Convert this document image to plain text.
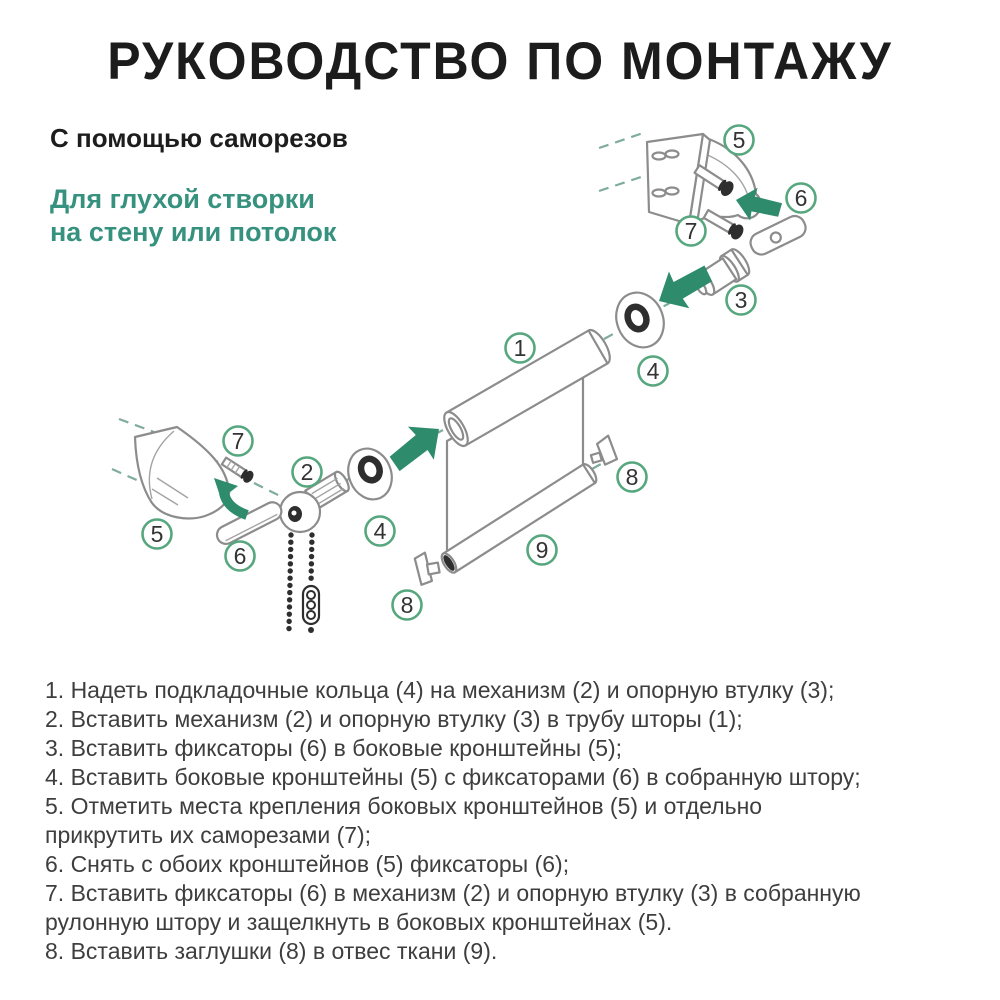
РУКОВОДСТВО ПО МОНТАЖУ
С помощью саморезов
Для глухой створки
на стену или потолок
1
2
3
4
4
5
5
6
6
7
7
8
8
9

1. Надеть подкладочные кольца (4) на механизм (2) и опорную втулку (3);

2. Вставить механизм (2) и опорную втулку (3) в трубу шторы (1);

3. Вставить фиксаторы (6) в боковые кронштейны (5);

4. Вставить боковые кронштейны (5) с фиксаторами (6) в собранную штору;

5. Отметить места крепления боковых кронштейнов (5) и отдельно
прикрутить их саморезами (7);

6. Снять с обоих кронштейнов (5) фиксаторы (6);

7. Вставить фиксаторы (6) в механизм (2) и опорную втулку (3) в собранную
рулонную штору и защелкнуть в боковых кронштейнах (5).

8. Вставить заглушки (8) в отвес ткани (9).
